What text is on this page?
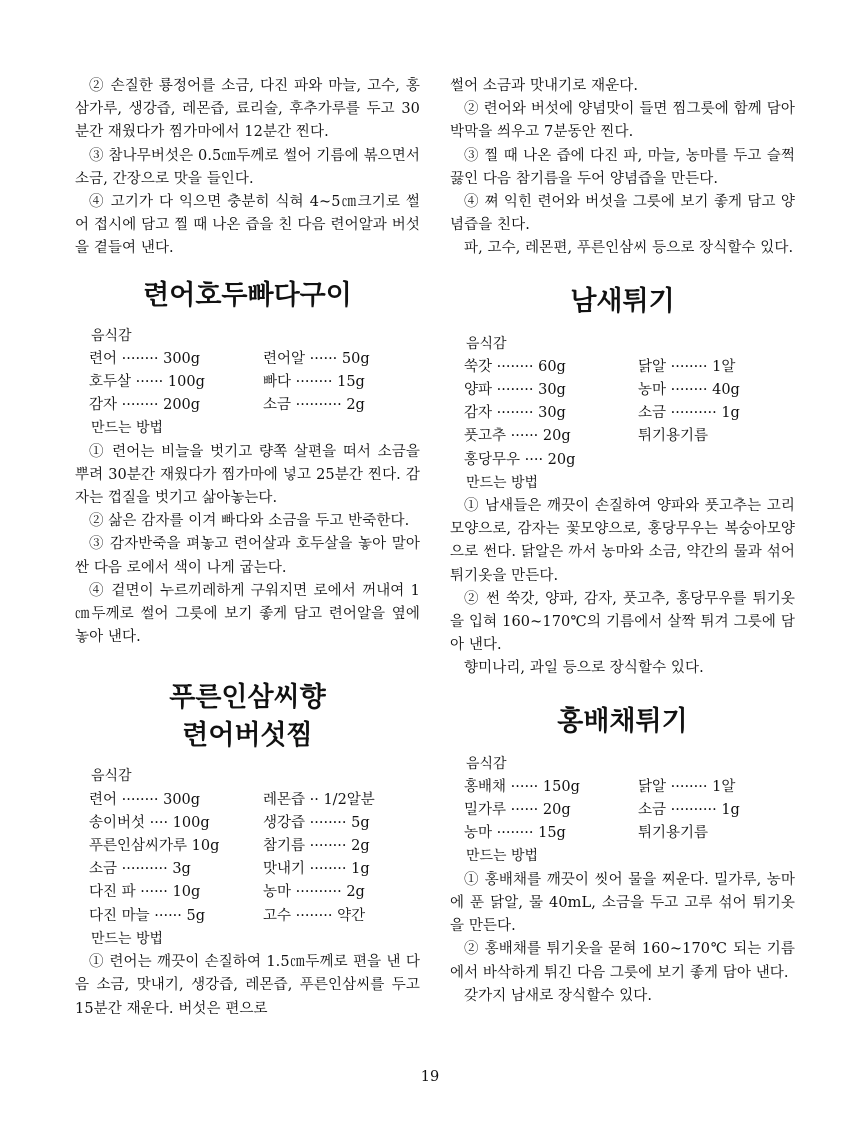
② 손질한 룡정어를 소금, 다진 파와 마늘, 고수, 홍삼가루, 생강즙, 레몬즙, 료리술, 후추가루를 두고 30분간 재웠다가 찜가마에서 12분간 찐다.

③ 참나무버섯은 0.5㎝두께로 썰어 기름에 볶으면서 소금, 간장으로 맛을 들인다.

④ 고기가 다 익으면 충분히 식혀 4~5㎝크기로 썰어 접시에 담고 찔 때 나온 즙을 친 다음 련어알과 버섯을 곁들여 낸다.

련어호두빠다구이

음식감

련어 ········ 300g	련어알 ······ 50g
호두살 ······ 100g	빠다 ········ 15g
감자 ········ 200g	소금 ·········· 2g

만드는 방법

① 련어는 비늘을 벗기고 량쪽 살편을 떠서 소금을 뿌려 30분간 재웠다가 찜가마에 넣고 25분간 찐다. 감자는 껍질을 벗기고 삶아놓는다.

② 삶은 감자를 이겨 빠다와 소금을 두고 반죽한다.

③ 감자반죽을 펴놓고 련어살과 호두살을 놓아 말아 싼 다음 로에서 색이 나게 굽는다.

④ 겉면이 누르끼레하게 구워지면 로에서 꺼내여 1㎝두께로 썰어 그릇에 보기 좋게 담고 련어알을 옆에 놓아 낸다.

푸른인삼씨향
련어버섯찜

음식감

련어 ········ 300g	레몬즙 ·· 1/2알분
송이버섯 ···· 100g	생강즙 ········ 5g
푸른인삼씨가루 10g	참기름 ········ 2g
소금 ·········· 3g	맛내기 ········ 1g
다진 파 ······ 10g	농마 ·········· 2g
다진 마늘 ······ 5g	고수 ········ 약간

만드는 방법

① 련어는 깨끗이 손질하여 1.5㎝두께로 편을 낸 다음 소금, 맛내기, 생강즙, 레몬즙, 푸른인삼씨를 두고 15분간 재운다. 버섯은 편으로

썰어 소금과 맛내기로 재운다.

② 련어와 버섯에 양념맛이 들면 찜그릇에 함께 담아 박막을 씌우고 7분동안 찐다.

③ 찔 때 나온 즙에 다진 파, 마늘, 농마를 두고 슬쩍 끓인 다음 참기름을 두어 양념즙을 만든다.

④ 쪄 익힌 련어와 버섯을 그릇에 보기 좋게 담고 양념즙을 친다.

파, 고수, 레몬편, 푸른인삼씨 등으로 장식할수 있다.

남새튀기

음식감

쑥갓 ········ 60g	닭알 ········ 1알
양파 ········ 30g	농마 ········ 40g
감자 ········ 30g	소금 ·········· 1g
풋고추 ······ 20g	튀기용기름
홍당무우 ···· 20g

만드는 방법

① 남새들은 깨끗이 손질하여 양파와 풋고추는 고리모양으로, 감자는 꽃모양으로, 홍당무우는 복숭아모양으로 썬다. 닭알은 까서 농마와 소금, 약간의 물과 섞어 튀기옷을 만든다.

② 썬 쑥갓, 양파, 감자, 풋고추, 홍당무우를 튀기옷을 입혀 160~170℃의 기름에서 살짝 튀겨 그릇에 담아 낸다.

향미나리, 과일 등으로 장식할수 있다.

홍배채튀기

음식감

홍배채 ······ 150g	닭알 ········ 1알
밀가루 ······ 20g	소금 ·········· 1g
농마 ········ 15g	튀기용기름

만드는 방법

① 홍배채를 깨끗이 씻어 물을 찌운다. 밀가루, 농마에 푼 닭알, 물 40mL, 소금을 두고 고루 섞어 튀기옷을 만든다.

② 홍배채를 튀기옷을 묻혀 160~170℃ 되는 기름에서 바삭하게 튀긴 다음 그릇에 보기 좋게 담아 낸다.

갖가지 남새로 장식할수 있다.

19
